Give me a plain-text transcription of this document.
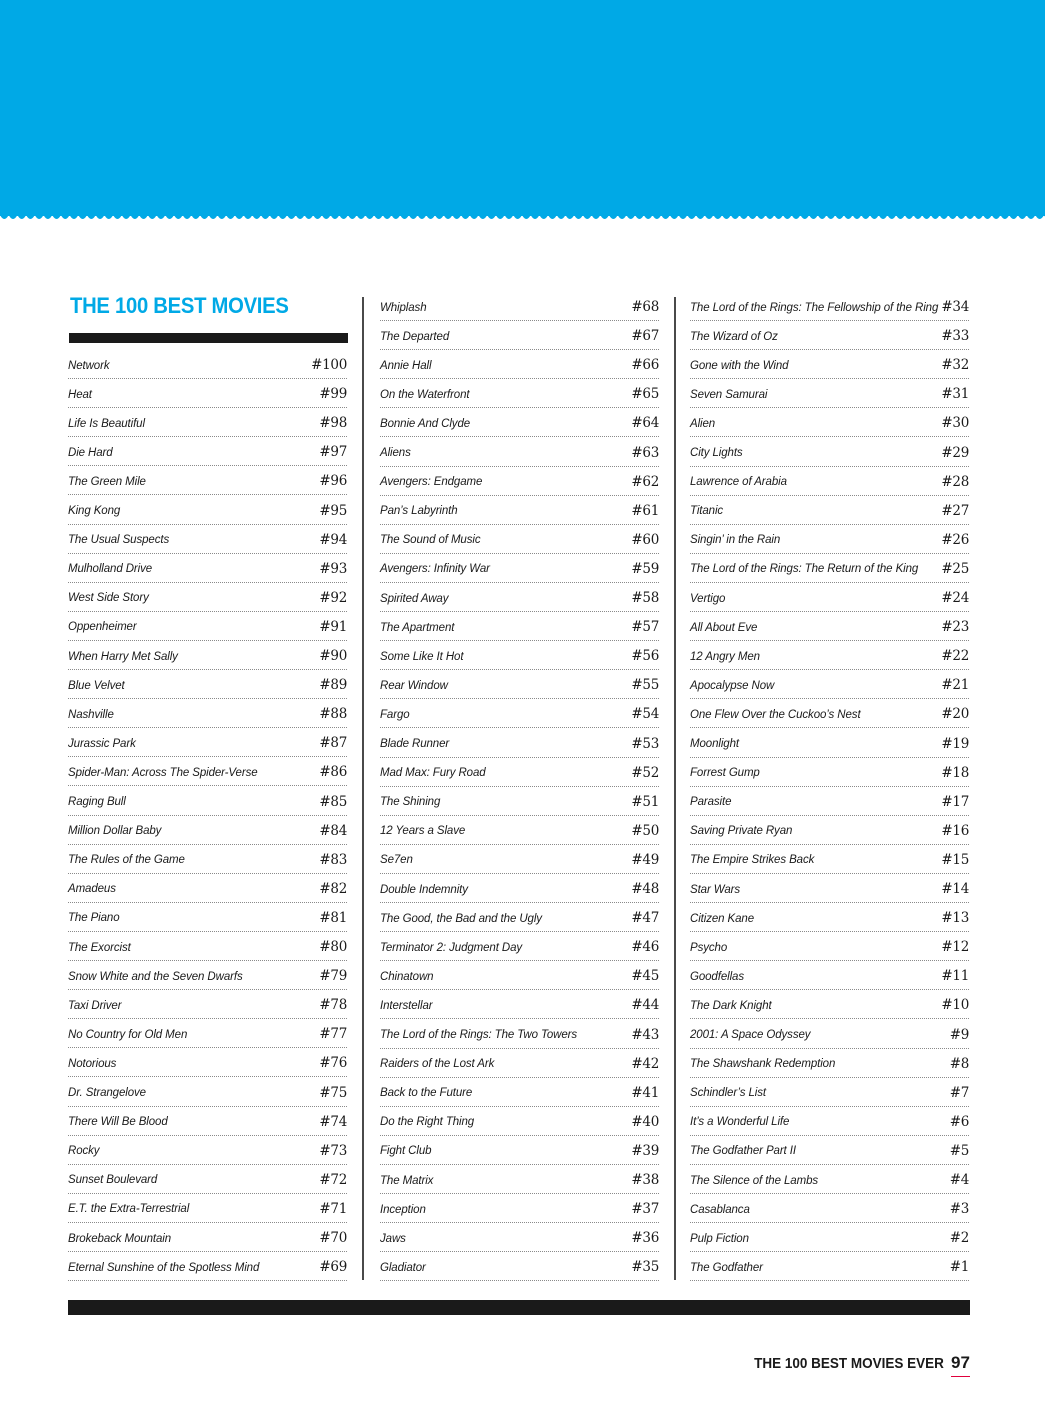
THE 100 BEST MOVIES
Network	#100
Heat	#99
Life Is Beautiful	#98
Die Hard	#97
The Green Mile	#96
King Kong	#95
The Usual Suspects	#94
Mulholland Drive	#93
West Side Story	#92
Oppenheimer	#91
When Harry Met Sally	#90
Blue Velvet	#89
Nashville	#88
Jurassic Park	#87
Spider-Man: Across The Spider-Verse	#86
Raging Bull	#85
Million Dollar Baby	#84
The Rules of the Game	#83
Amadeus	#82
The Piano	#81
The Exorcist	#80
Snow White and the Seven Dwarfs	#79
Taxi Driver	#78
No Country for Old Men	#77
Notorious	#76
Dr. Strangelove	#75
There Will Be Blood	#74
Rocky	#73
Sunset Boulevard	#72
E.T. the Extra-Terrestrial	#71
Brokeback Mountain	#70
Eternal Sunshine of the Spotless Mind	#69
Whiplash	#68
The Departed	#67
Annie Hall	#66
On the Waterfront	#65
Bonnie And Clyde	#64
Aliens	#63
Avengers: Endgame	#62
Pan’s Labyrinth	#61
The Sound of Music	#60
Avengers: Infinity War	#59
Spirited Away	#58
The Apartment	#57
Some Like It Hot	#56
Rear Window	#55
Fargo	#54
Blade Runner	#53
Mad Max: Fury Road	#52
The Shining	#51
12 Years a Slave	#50
Se7en	#49
Double Indemnity	#48
The Good, the Bad and the Ugly	#47
Terminator 2: Judgment Day	#46
Chinatown	#45
Interstellar	#44
The Lord of the Rings: The Two Towers	#43
Raiders of the Lost Ark	#42
Back to the Future	#41
Do the Right Thing	#40
Fight Club	#39
The Matrix	#38
Inception	#37
Jaws	#36
Gladiator	#35
The Lord of the Rings: The Fellowship of the Ring #34
The Wizard of Oz	#33
Gone with the Wind	#32
Seven Samurai	#31
Alien	#30
City Lights	#29
Lawrence of Arabia	#28
Titanic	#27
Singin’ in the Rain	#26
The Lord of the Rings: The Return of the King	#25
Vertigo	#24
All About Eve	#23
12 Angry Men	#22
Apocalypse Now	#21
One Flew Over the Cuckoo’s Nest	#20
Moonlight	#19
Forrest Gump	#18
Parasite	#17
Saving Private Ryan	#16
The Empire Strikes Back	#15
Star Wars	#14
Citizen Kane	#13
Psycho	#12
Goodfellas	#11
The Dark Knight	#10
2001: A Space Odyssey	#9
The Shawshank Redemption	#8
Schindler’s List	#7
It’s a Wonderful Life	#6
The Godfather Part II	#5
The Silence of the Lambs	#4
Casablanca	#3
Pulp Fiction	#2
The Godfather	#1
THE 100 BEST MOVIES EVER 97
